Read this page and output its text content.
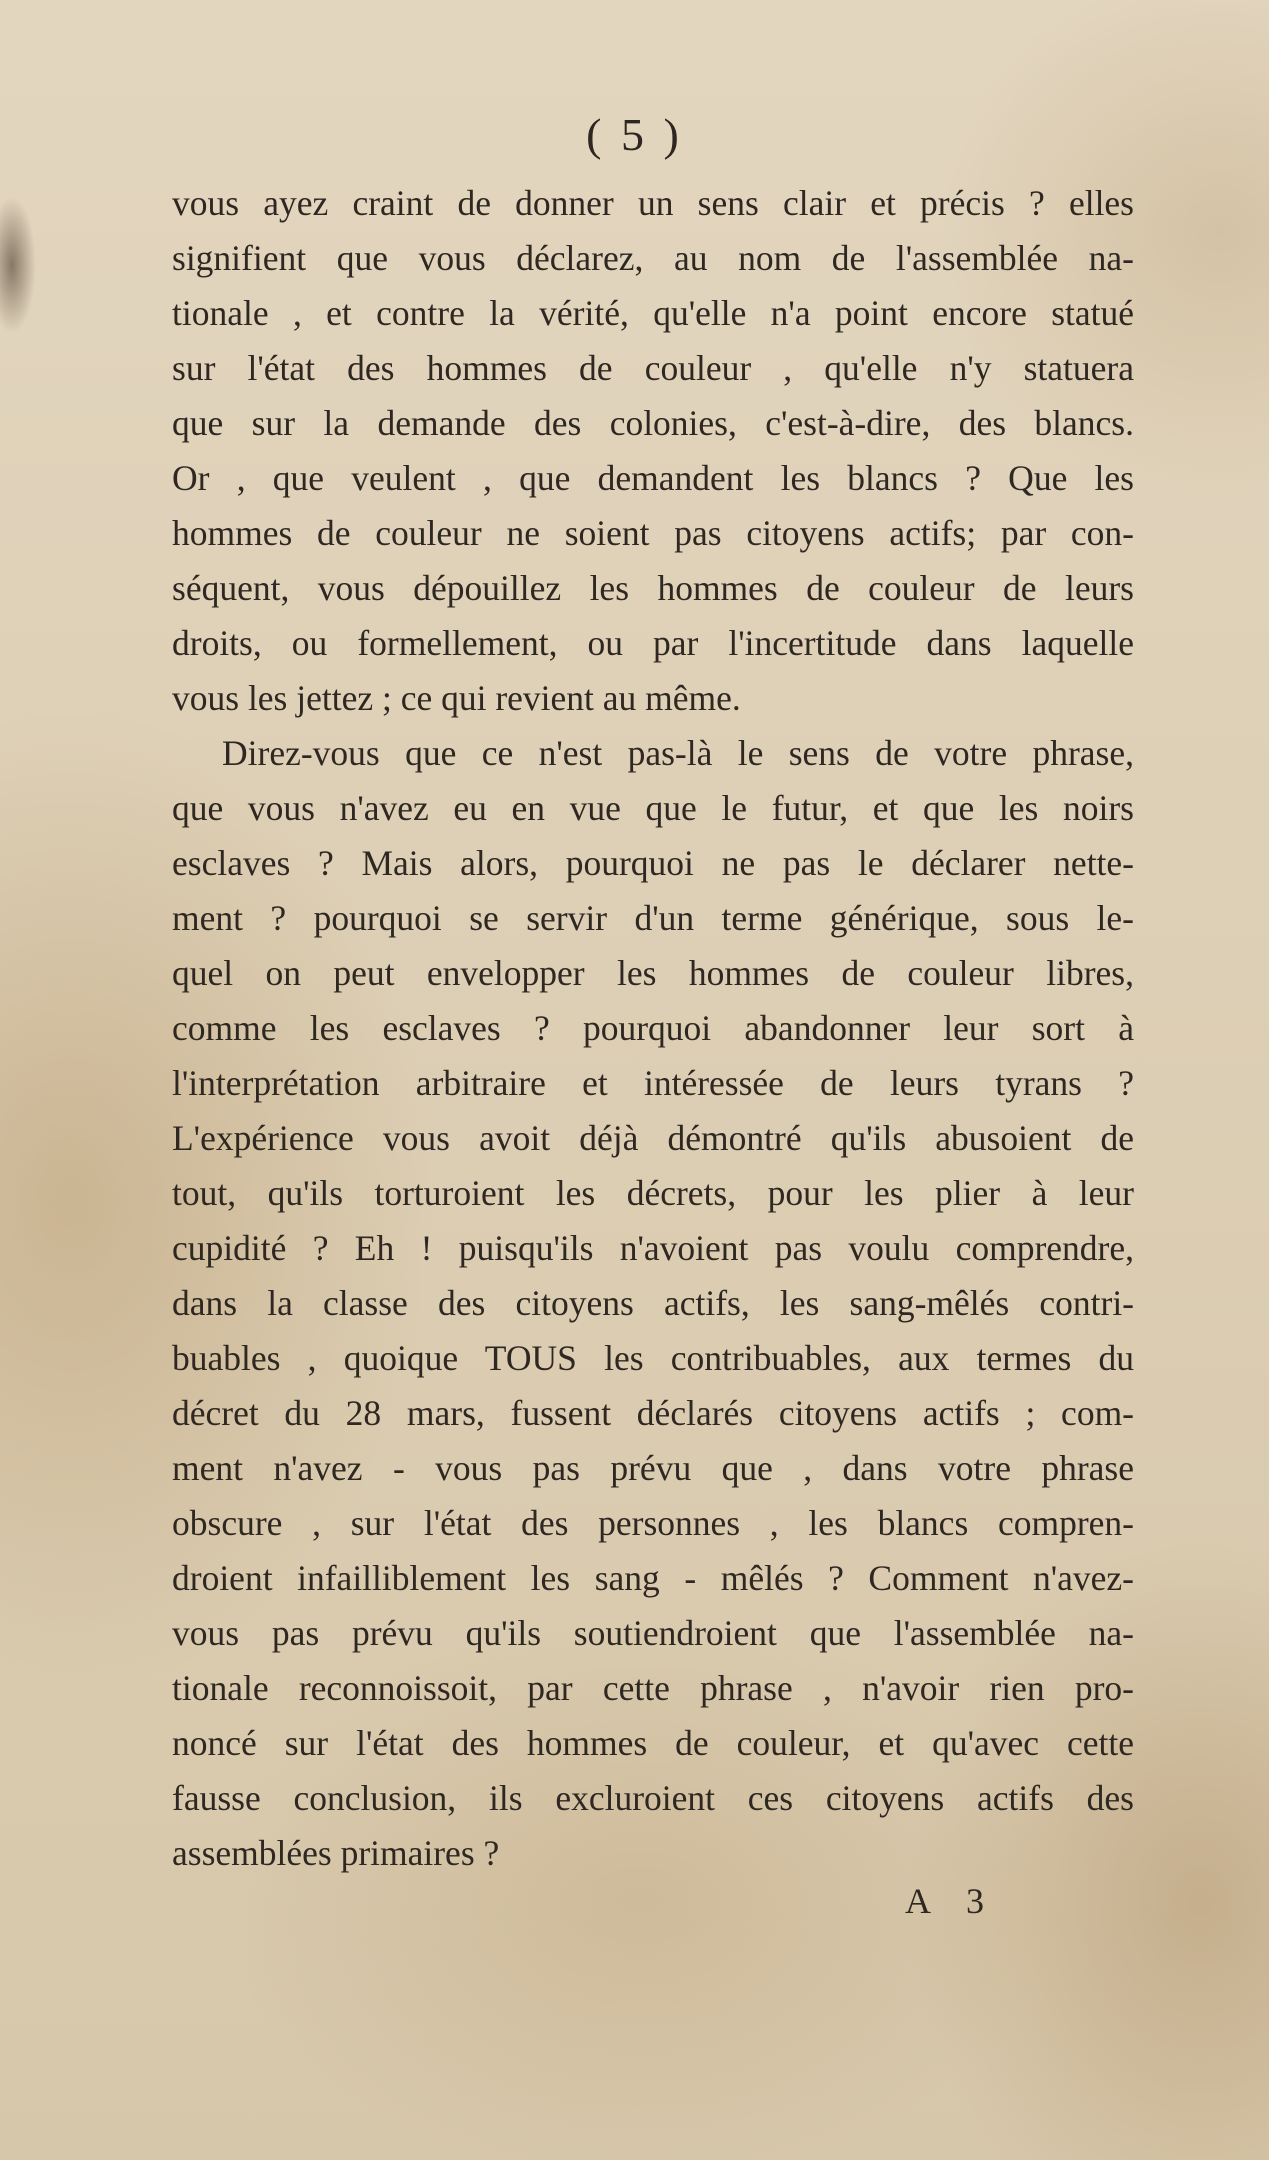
( 5 )
vous ayez craint de donner un sens clair et précis ? elles
signifient que vous déclarez, au nom de l'assemblée na-
tionale , et contre la vérité, qu'elle n'a point encore statué
sur l'état des hommes de couleur , qu'elle n'y statuera
que sur la demande des colonies, c'est-à-dire, des blancs.
Or , que veulent , que demandent les blancs ? Que les
hommes de couleur ne soient pas citoyens actifs; par con-
séquent, vous dépouillez les hommes de couleur de leurs
droits, ou formellement, ou par l'incertitude dans laquelle
vous les jettez ; ce qui revient au même.
Direz-vous que ce n'est pas-là le sens de votre phrase,
que vous n'avez eu en vue que le futur, et que les noirs
esclaves ? Mais alors, pourquoi ne pas le déclarer nette-
ment ? pourquoi se servir d'un terme générique, sous le-
quel on peut envelopper les hommes de couleur libres,
comme les esclaves ? pourquoi abandonner leur sort à
l'interprétation arbitraire et intéressée de leurs tyrans ?
L'expérience vous avoit déjà démontré qu'ils abusoient de
tout, qu'ils torturoient les décrets, pour les plier à leur
cupidité ? Eh ! puisqu'ils n'avoient pas voulu comprendre,
dans la classe des citoyens actifs, les sang-mêlés contri-
buables , quoique TOUS les contribuables, aux termes du
décret du 28 mars, fussent déclarés citoyens actifs ; com-
ment n'avez - vous pas prévu que , dans votre phrase
obscure , sur l'état des personnes , les blancs compren-
droient infailliblement les sang - mêlés ? Comment n'avez-
vous pas prévu qu'ils soutiendroient que l'assemblée na-
tionale reconnoissoit, par cette phrase , n'avoir rien pro-
noncé sur l'état des hommes de couleur, et qu'avec cette
fausse conclusion, ils excluroient ces citoyens actifs des
assemblées primaires ?
A 3
